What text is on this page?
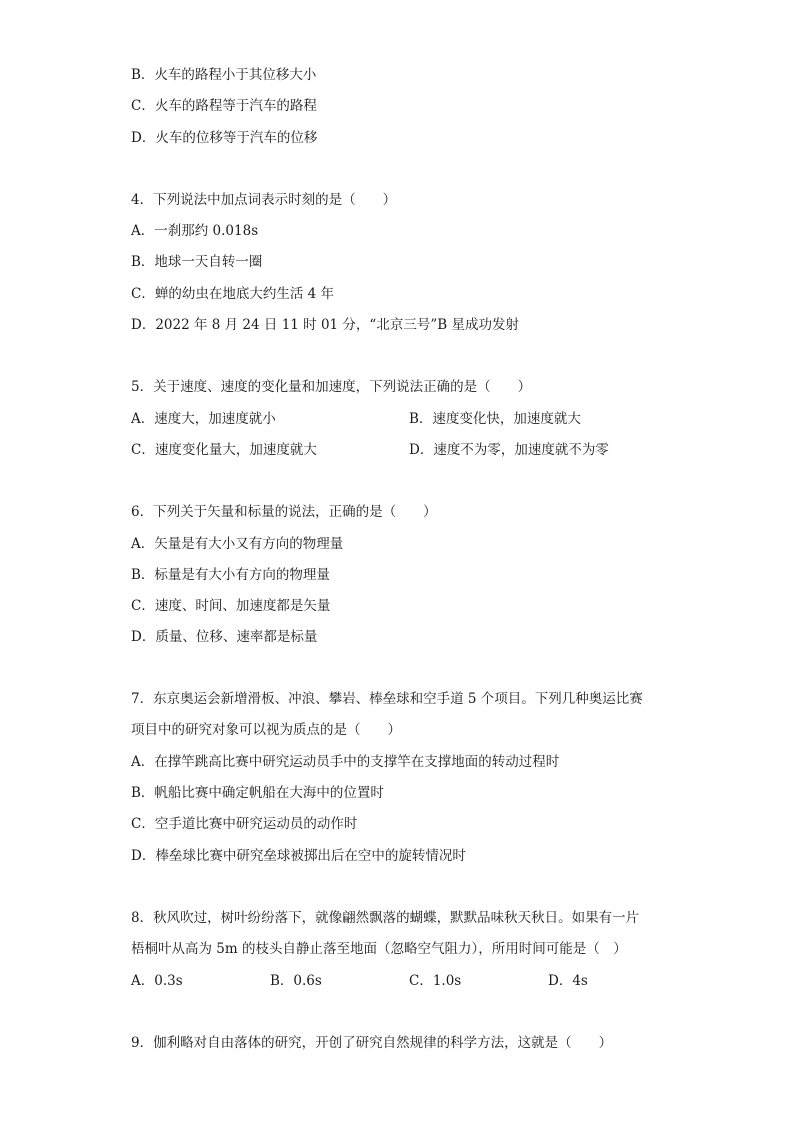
B．火车的路程小于其位移大小
C．火车的路程等于汽车的路程
D．火车的位移等于汽车的位移
4．下列说法中加点词表示时刻的是（　　）
A．一刹那约 0.018s
B．地球一天自转一圈
C．蝉的幼虫在地底大约生活 4 年
D．2022 年 8 月 24 日 11 时 01 分，“北京三号”B 星成功发射
5．关于速度、速度的变化量和加速度，下列说法正确的是（　　）
A．速度大，加速度就小	B．速度变化快，加速度就大
C．速度变化量大，加速度就大	D．速度不为零，加速度就不为零
6．下列关于矢量和标量的说法，正确的是（　　）
A．矢量是有大小又有方向的物理量
B．标量是有大小有方向的物理量
C．速度、时间、加速度都是矢量
D．质量、位移、速率都是标量
7．东京奥运会新增滑板、冲浪、攀岩、棒垒球和空手道 5 个项目。下列几种奥运比赛
项目中的研究对象可以视为质点的是（　　）
A．在撑竿跳高比赛中研究运动员手中的支撑竿在支撑地面的转动过程时
B．帆船比赛中确定帆船在大海中的位置时
C．空手道比赛中研究运动员的动作时
D．棒垒球比赛中研究垒球被掷出后在空中的旋转情况时
8．秋风吹过，树叶纷纷落下，就像翩然飘落的蝴蝶，默默品味秋天秋日。如果有一片
梧桐叶从高为 5m 的枝头自静止落至地面（忽略空气阻力），所用时间可能是（　）
A．0.3s	B．0.6s	C．1.0s	D．4s
9．伽利略对自由落体的研究，开创了研究自然规律的科学方法，这就是（　　）
